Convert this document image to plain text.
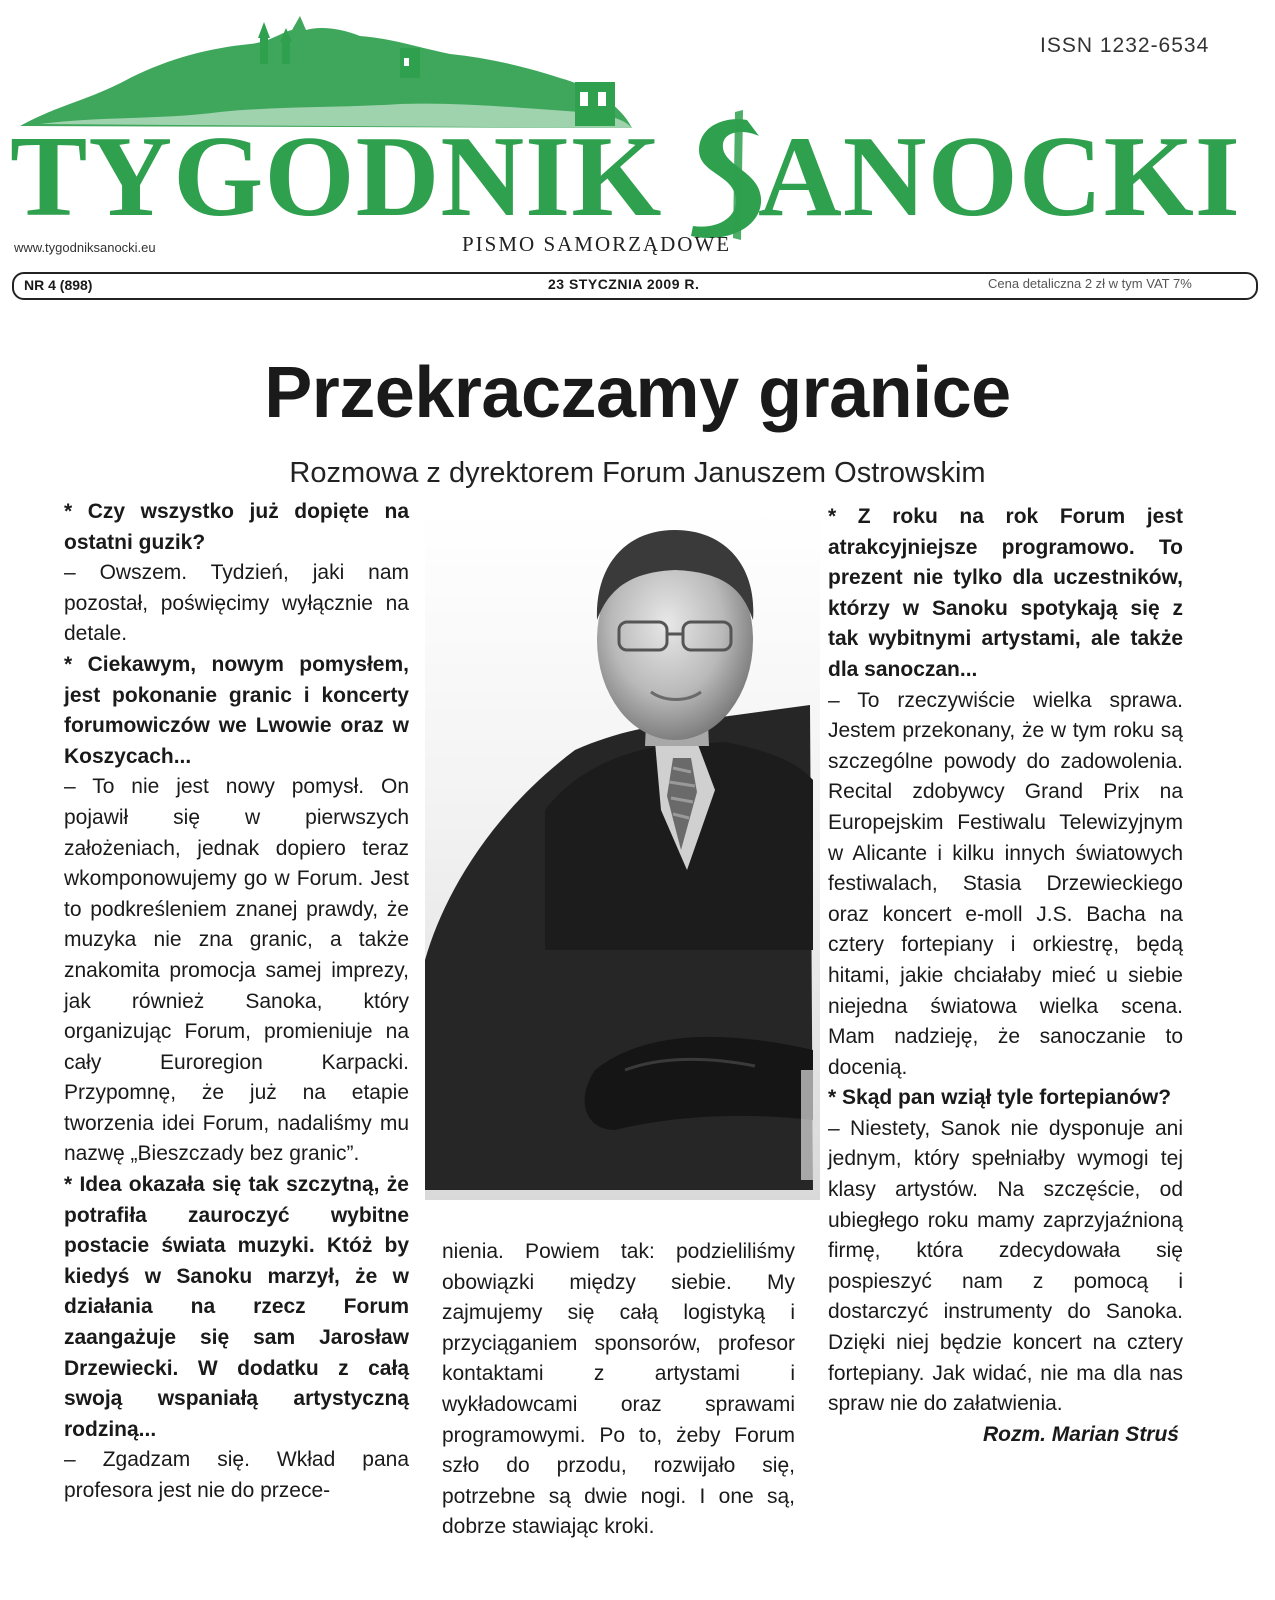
ISSN 1232-6534
TYGODNIK ANOCKI
www.tygodniksanocki.eu	PISMO SAMORZĄDOWE
NR 4 (898)	23 STYCZNIA 2009 R.	Cena detaliczna 2 zł w tym VAT 7%
Przekraczamy granice
Rozmowa z dyrektorem Forum Januszem Ostrowskim

* Czy wszystko już dopięte na ostatni guzik?

– Owszem. Tydzień, jaki nam pozostał, poświęcimy wyłącznie na detale.

* Ciekawym, nowym pomysłem, jest pokonanie granic i koncerty forumowiczów we Lwowie oraz w Koszycach...

– To nie jest nowy pomysł. On pojawił się w pierwszych założeniach, jednak dopiero teraz wkomponowujemy go w Forum. Jest to podkreśleniem znanej prawdy, że muzyka nie zna granic, a także znakomita promocja samej imprezy, jak również Sanoka, który organizując Forum, promieniuje na cały Euroregion Karpacki. Przypomnę, że już na etapie tworzenia idei Forum, nadaliśmy mu nazwę „Bieszczady bez granic”.

* Idea okazała się tak szczytną, że potrafiła zauroczyć wybitne postacie świata muzyki. Któż by kiedyś w Sanoku marzył, że w działania na rzecz Forum zaangażuje się sam Jarosław Drzewiecki. W dodatku z całą swoją wspaniałą artystyczną rodziną...

– Zgadzam się. Wkład pana profesora jest nie do przece-

nienia. Powiem tak: podzieliliśmy obowiązki między siebie. My zajmujemy się całą logistyką i przyciąganiem sponsorów, profesor kontaktami z artystami i wykładowcami oraz sprawami programowymi. Po to, żeby Forum szło do przodu, rozwijało się, potrzebne są dwie nogi. I one są, dobrze stawiając kroki.

* Z roku na rok Forum jest atrakcyjniejsze programowo. To prezent nie tylko dla uczestników, którzy w Sanoku spotykają się z tak wybitnymi artystami, ale także dla sanoczan...

– To rzeczywiście wielka sprawa. Jestem przekonany, że w tym roku są szczególne powody do zadowolenia. Recital zdobywcy Grand Prix na Europejskim Festiwalu Telewizyjnym w Alicante i kilku innych światowych festiwalach, Stasia Drzewieckiego oraz koncert e-moll J.S. Bacha na cztery fortepiany i orkiestrę, będą hitami, jakie chciałaby mieć u siebie niejedna światowa wielka scena. Mam nadzieję, że sanoczanie to docenią.

* Skąd pan wziął tyle fortepianów?

– Niestety, Sanok nie dysponuje ani jednym, który spełniałby wymogi tej klasy artystów. Na szczęście, od ubiegłego roku mamy zaprzyjaźnioną firmę, która zdecydowała się pospieszyć nam z pomocą i dostarczyć instrumenty do Sanoka. Dzięki niej będzie koncert na cztery fortepiany. Jak widać, nie ma dla nas spraw nie do załatwienia.

Rozm. Marian Struś
